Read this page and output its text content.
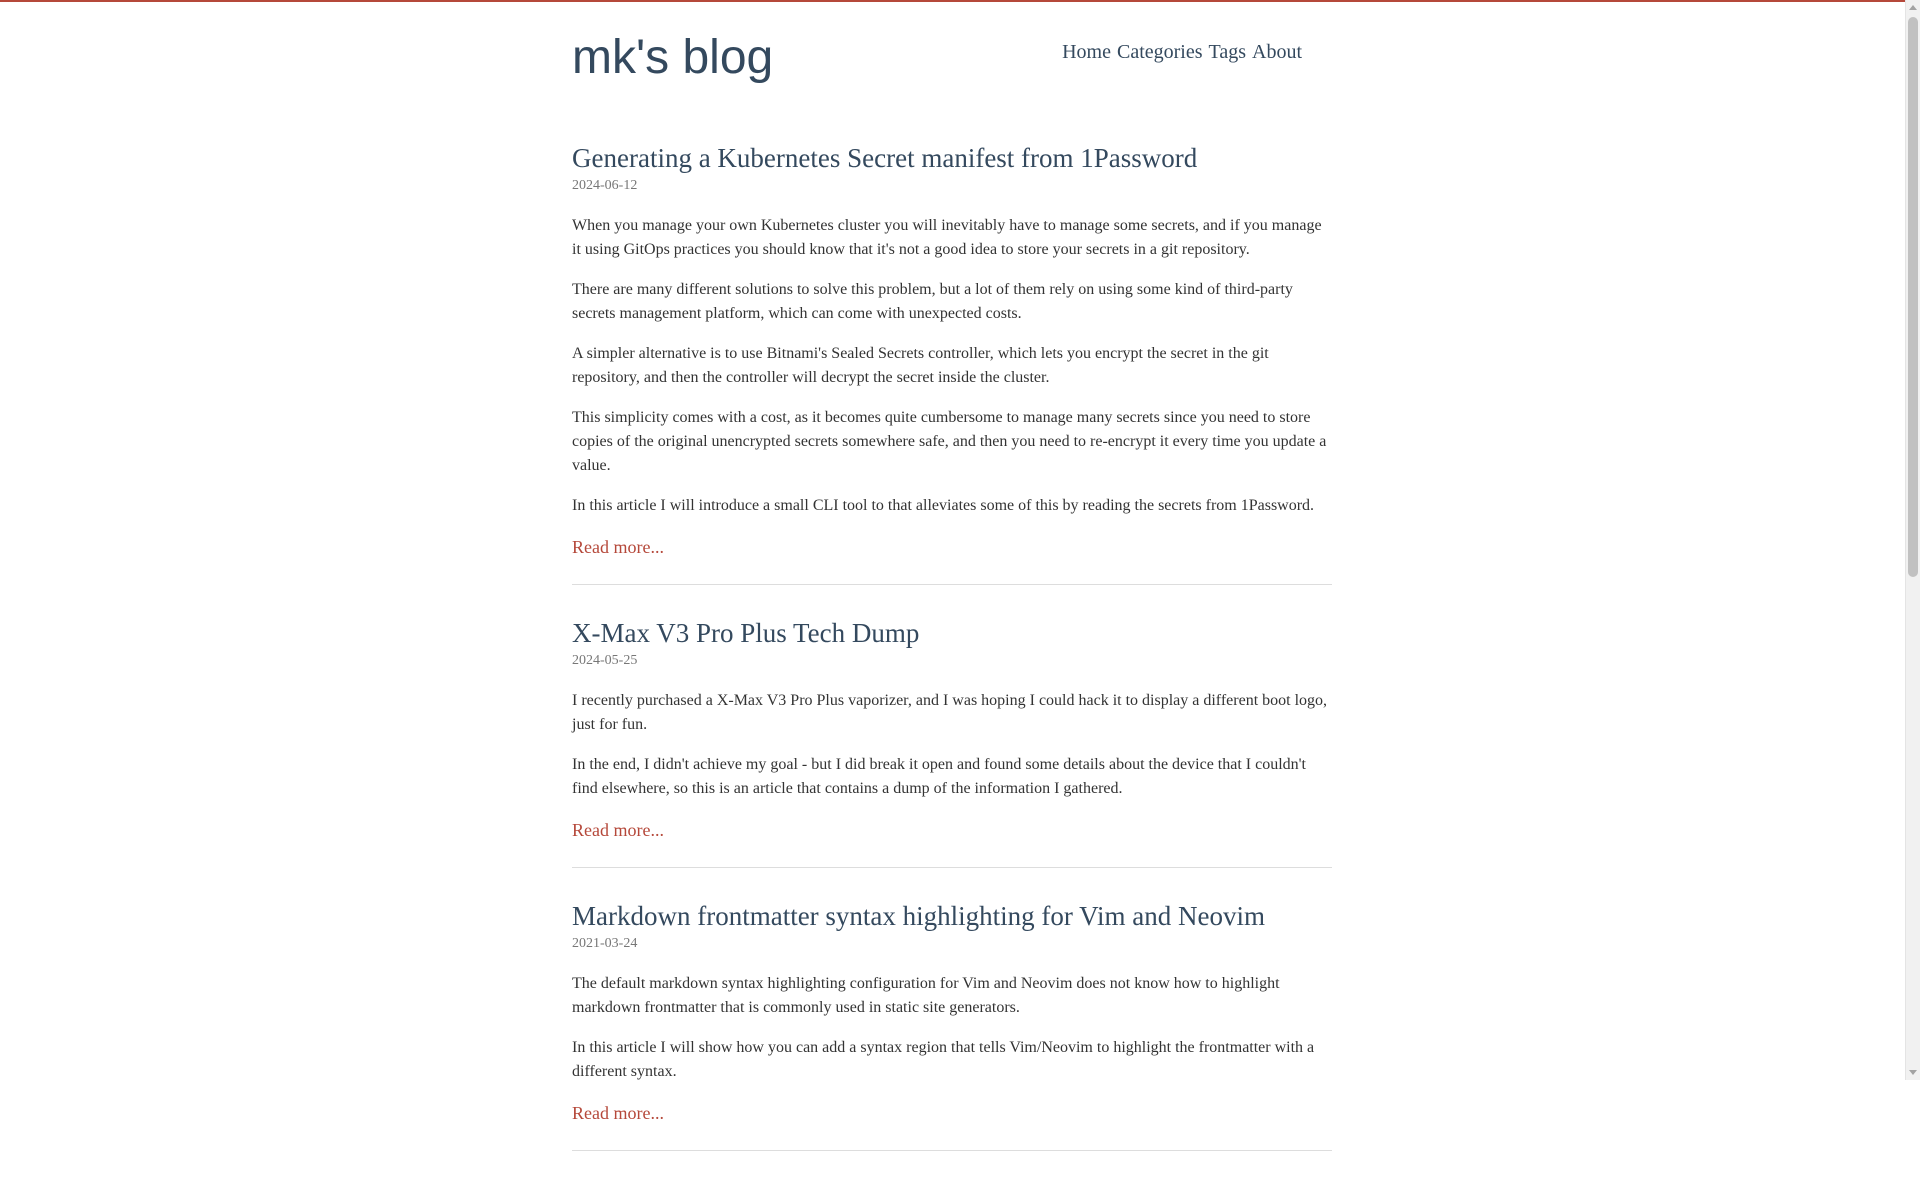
mk's blog	Home Categories Tags About
Generating a Kubernetes Secret manifest from 1Password
2024-06-12

When you manage your own Kubernetes cluster you will inevitably have to manage some secrets, and if you manage it using GitOps practices you should know that it's not a good idea to store your secrets in a git repository.

There are many different solutions to solve this problem, but a lot of them rely on using some kind of third-party secrets management platform, which can come with unexpected costs.

A simpler alternative is to use Bitnami's Sealed Secrets controller, which lets you encrypt the secret in the git repository, and then the controller will decrypt the secret inside the cluster.

This simplicity comes with a cost, as it becomes quite cumbersome to manage many secrets since you need to store copies of the original unencrypted secrets somewhere safe, and then you need to re-encrypt it every time you update a value.

In this article I will introduce a small CLI tool to that alleviates some of this by reading the secrets from 1Password.

Read more...
X-Max V3 Pro Plus Tech Dump
2024-05-25

I recently purchased a X-Max V3 Pro Plus vaporizer, and I was hoping I could hack it to display a different boot logo, just for fun.

In the end, I didn't achieve my goal - but I did break it open and found some details about the device that I couldn't find elsewhere, so this is an article that contains a dump of the information I gathered.

Read more...
Markdown frontmatter syntax highlighting for Vim and Neovim
2021-03-24

The default markdown syntax highlighting configuration for Vim and Neovim does not know how to highlight markdown frontmatter that is commonly used in static site generators.

In this article I will show how you can add a syntax region that tells Vim/Neovim to highlight the frontmatter with a different syntax.

Read more...
